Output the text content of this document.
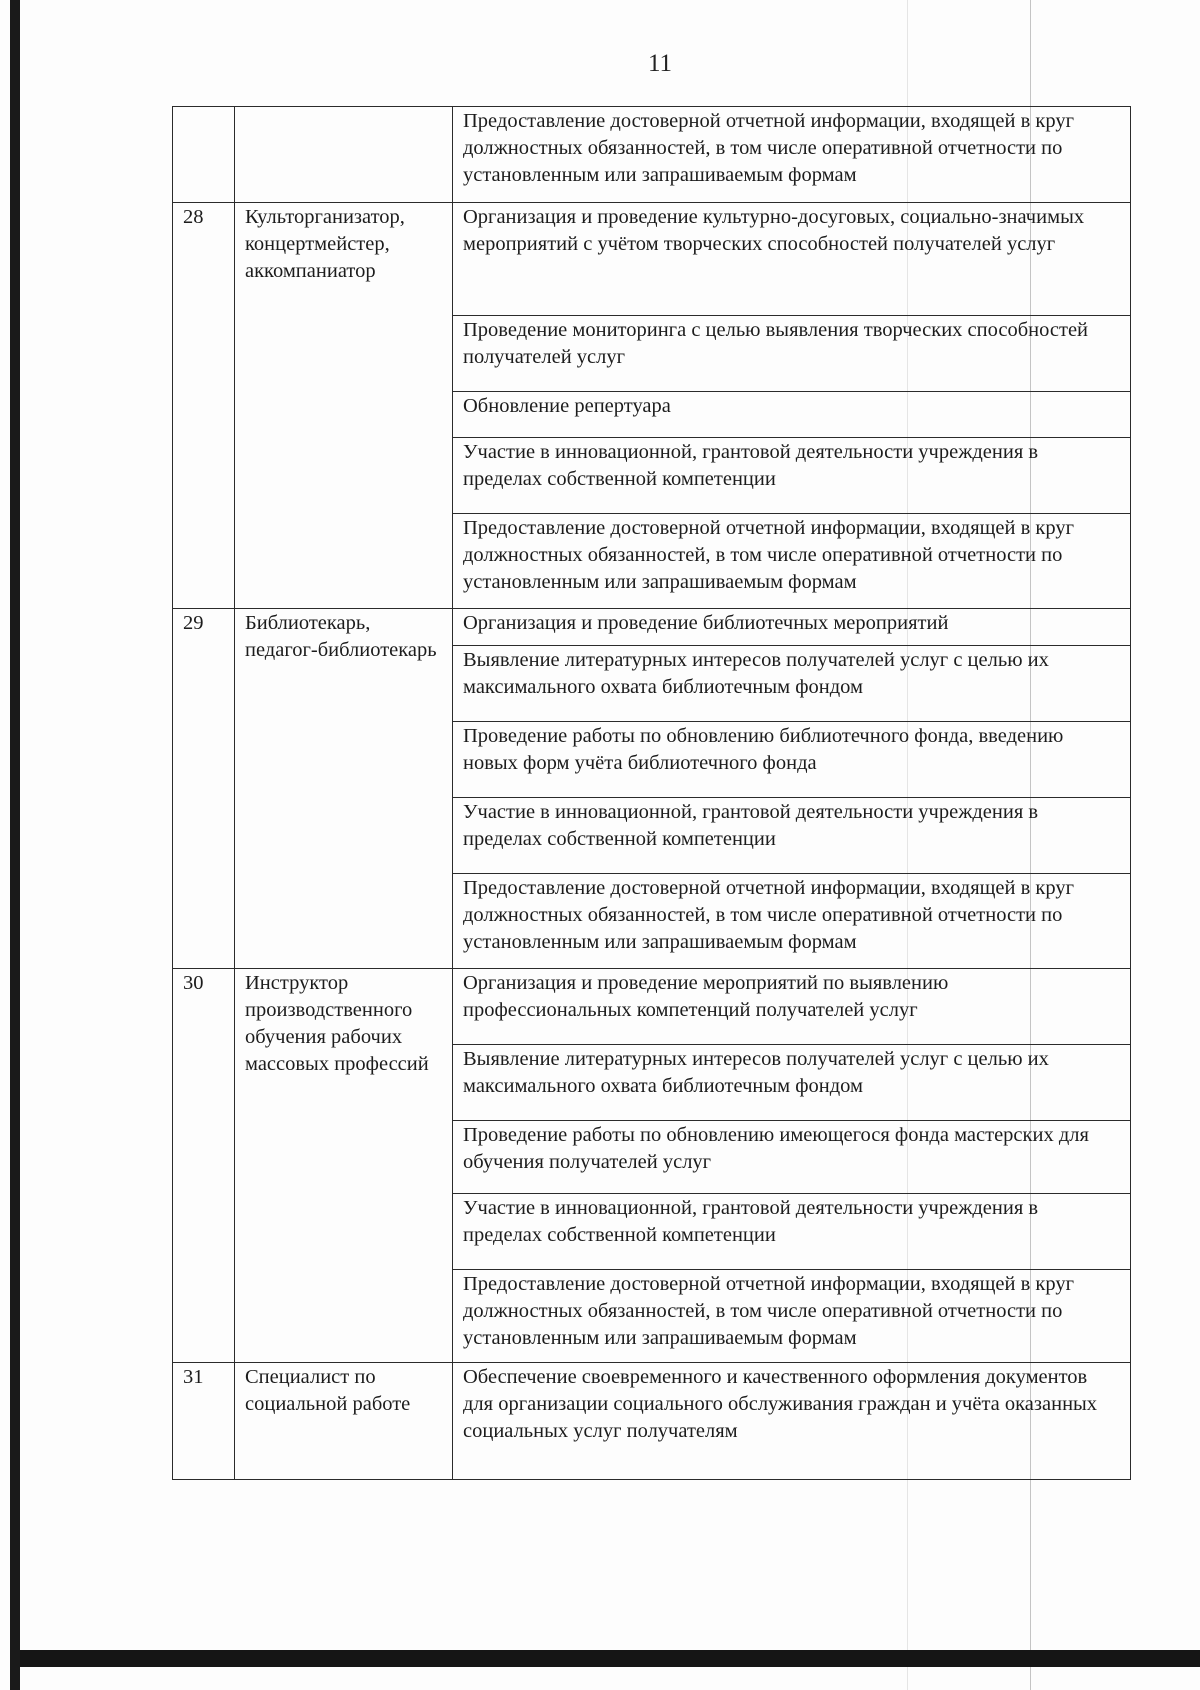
11
		Предоставление достоверной отчетной информации, входящей в круг должностных обязанностей, в том числе оперативной отчетности по установленным или запрашиваемым формам
28	Культорганизатор, концертмейстер, аккомпаниатор	Организация и проведение культурно-досуговых, социально-значимых мероприятий с учётом творческих способностей получателей услуг
		Проведение мониторинга с целью выявления творческих способностей получателей услуг
		Обновление репертуара
		Участие в инновационной, грантовой деятельности учреждения в пределах собственной компетенции
		Предоставление достоверной отчетной информации, входящей в круг должностных обязанностей, в том числе оперативной отчетности по установленным или запрашиваемым формам
29	Библиотекарь, педагог-библиотекарь	Организация и проведение библиотечных мероприятий
		Выявление литературных интересов получателей услуг с целью их максимального охвата библиотечным фондом
		Проведение работы по обновлению библиотечного фонда, введению новых форм учёта библиотечного фонда
		Участие в инновационной, грантовой деятельности учреждения в пределах собственной компетенции
		Предоставление достоверной отчетной информации, входящей в круг должностных обязанностей, в том числе оперативной отчетности по установленным или запрашиваемым формам
30	Инструктор производственного обучения рабочих массовых профессий	Организация и проведение мероприятий по выявлению профессиональных компетенций получателей услуг
		Выявление литературных интересов получателей услуг с целью их максимального охвата библиотечным фондом
		Проведение работы по обновлению имеющегося фонда мастерских для обучения получателей услуг
		Участие в инновационной, грантовой деятельности учреждения в пределах собственной компетенции
		Предоставление достоверной отчетной информации, входящей в круг должностных обязанностей, в том числе оперативной отчетности по установленным или запрашиваемым формам
31	Специалист по социальной работе	Обеспечение своевременного и качественного оформления документов для организации социального обслуживания граждан и учёта оказанных социальных услуг получателям
